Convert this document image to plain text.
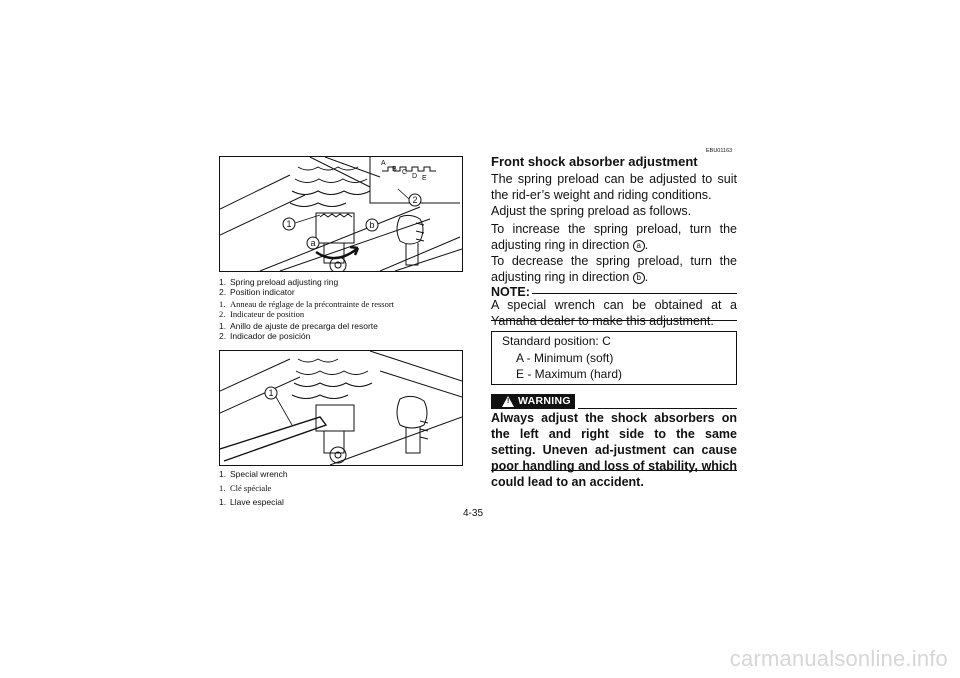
A
B C
D E
1
2
a
b
1. Spring preload adjusting ring
2. Position indicator
1. Anneau de réglage de la précontrainte de ressort
2. Indicateur de position
1. Anillo de ajuste de precarga del resorte
2. Indicador de posición
1
1. Special wrench
1. Clé spéciale
1. Llave especial
EBU01163
Front shock absorber adjustment
The spring preload can be adjusted to suit the rid-er’s weight and riding conditions.
Adjust the spring preload as follows.
To increase the spring preload, turn the adjusting ring in direction a .
To decrease the spring preload, turn the adjusting ring in direction b .
NOTE:
A special wrench can be obtained at a Yamaha dealer to make this adjustment.
Standard position: C
A - Minimum (soft)
E - Maximum (hard)
! WARNING
Always adjust the shock absorbers on the left and right side to the same setting. Uneven ad-justment can cause poor handling and loss of stability, which could lead to an accident.
4-35
carmanualsonline.info
